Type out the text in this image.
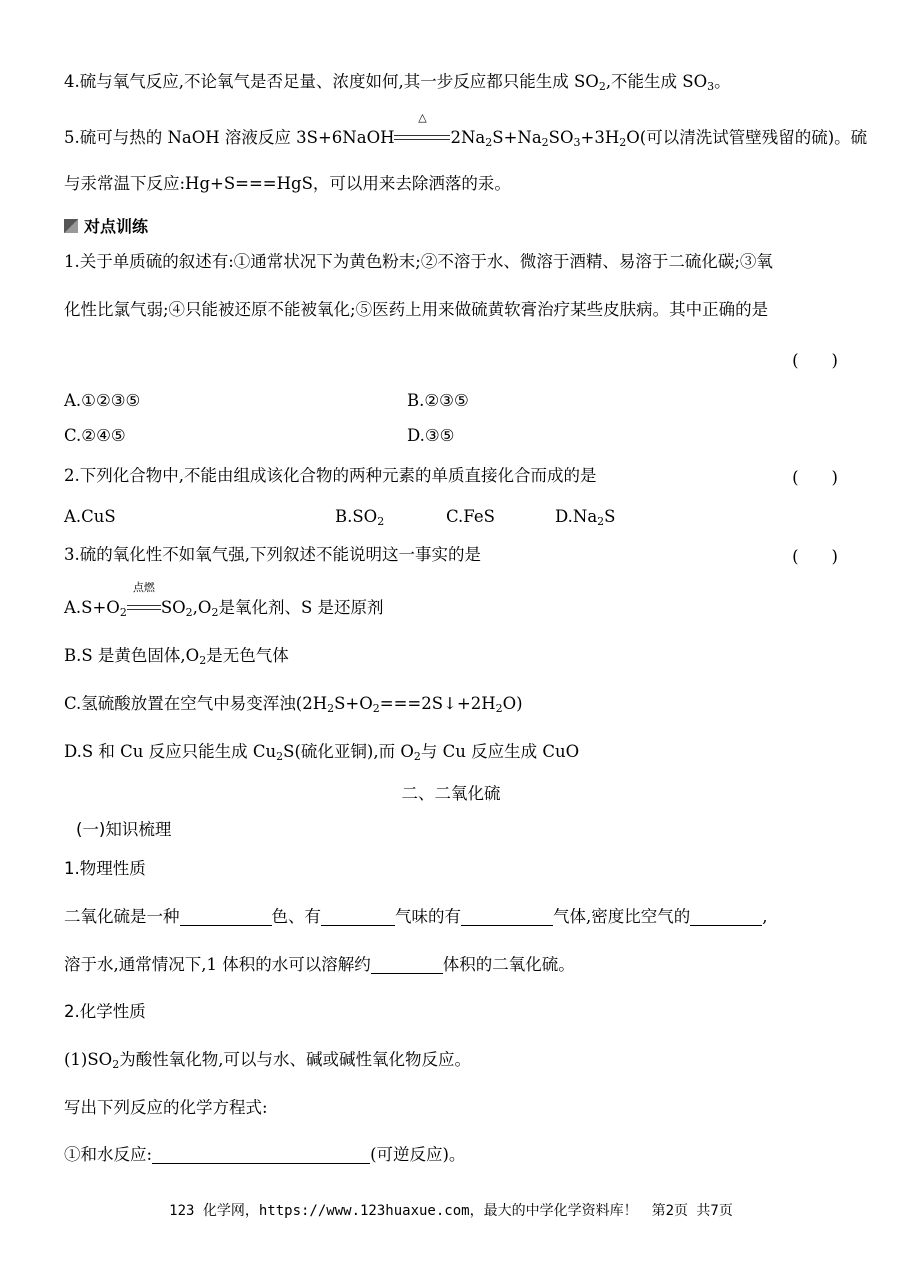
4.硫与氧气反应,不论氧气是否足量、浓度如何,其一步反应都只能生成 $SO_2$,不能生成 $SO_3$。
5.硫可与热的 NaOH 溶液反应 3S+6NaOH
△
$2Na_2S+Na_2SO_3+3H_2O$(可以清洗试管壁残留的硫)。硫
与汞常温下反应:Hg+S===HgS，可以用来去除洒落的汞。
对点训练
1.关于单质硫的叙述有:①通常状况下为黄色粉末;②不溶于水、微溶于酒精、易溶于二硫化碳;③氧
化性比氯气弱;④只能被还原不能被氧化;⑤医药上用来做硫黄软膏治疗某些皮肤病。其中正确的是
(　　)
A.①②③⑤	B.②③⑤
C.②④⑤	D.③⑤
2.下列化合物中,不能由组成该化合物的两种元素的单质直接化合而成的是	(　　)
A.CuS	$B.SO_2$	C.FeS	$D.Na_2S$
3.硫的氧化性不如氧气强,下列叙述不能说明这一事实的是	(　　)
$A.S+O_2$
点燃
$SO_2,O_2$是氧化剂、S 是还原剂
B.S 是黄色固体$,O_2$是无色气体
C.氢硫酸放置在空气中易变浑浊$(2H_2S+O_2===2S↓+2H_2O)$
D.S 和 Cu 反应只能生成 $Cu_2S$(硫化亚铜),而 $O_2$与 Cu 反应生成 CuO
二、二氧化硫
(一)知识梳理
1.物理性质
二氧化硫是一种	色、有	气味的有	气体,密度比空气的	,
溶于水,通常情况下,1 体积的水可以溶解约	体积的二氧化硫。
2.化学性质
$(1)SO_2$为酸性氧化物,可以与水、碱或碱性氧化物反应。
写出下列反应的化学方程式:
①和水反应:	(可逆反应)。
123 化学网，https://www.123huaxue.com，最大的中学化学资料库！　第2页 共7页
